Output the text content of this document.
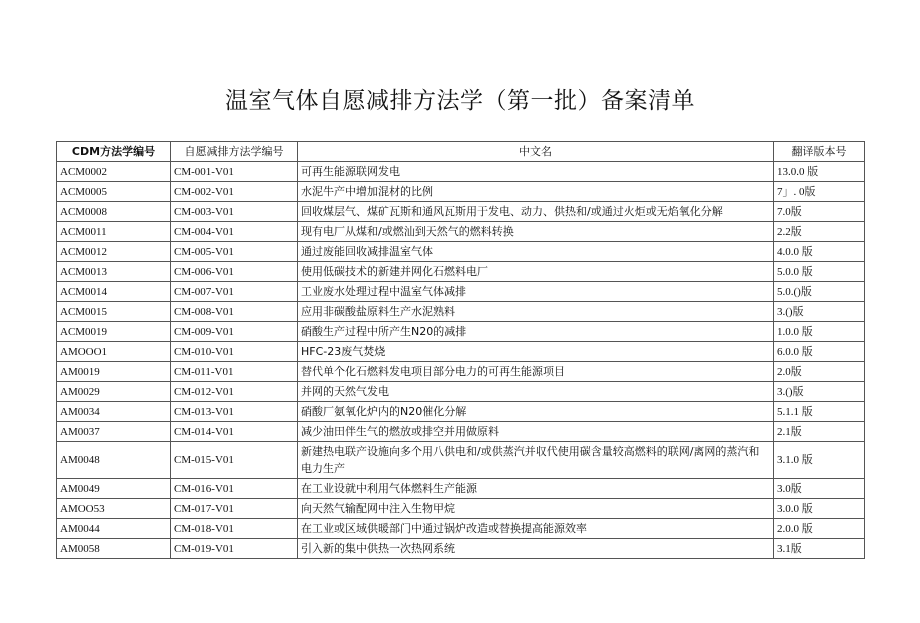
温室气体自愿减排方法学（第一批）备案清单
CDM方法学编号	自愿减排方法学编号	中文名	翻译版本号
ACM0002	CM-001-V01	可再生能源联网发电	13.0.0 版
ACM0005	CM-002-V01	水泥牛产中增加混材的比例	7」. 0版
ACM0008	CM-003-V01	回收煤层气、煤矿瓦斯和通风瓦斯用于发电、动力、供热和/或通过火炬或无焰氧化分解	7.0版
ACM0011	CM-004-V01	现有电厂从煤和/或燃汕到天然气的燃料转换	2.2版
ACM0012	CM-005-V01	通过废能回收减排温室气体	4.0.0 版
ACM0013	CM-006-V01	使用低碳技术的新建并网化石燃料电厂	5.0.0 版
ACM0014	CM-007-V01	工业废水处理过程中温室气体减排	5.0.()版
ACM0015	CM-008-V01	应用非碳酸盐原料生产水泥熟料	3.()版
ACM0019	CM-009-V01	硝酸生产过程中所产生N20的减排	1.0.0 版
AMOOO1	CM-010-V01	HFC-23废气焚烧	6.0.0 版
AM0019	CM-011-V01	替代单个化石燃料发电项目部分电力的可再生能源项目	2.0版
AM0029	CM-012-V01	并网的天然气发电	3.()版
AM0034	CM-013-V01	硝酸厂氨氧化炉内的N20催化分解	5.1.1 版
AM0037	CM-014-V01	减少油田伴生气的燃放或排空并用做原料	2.1版
AM0048	CM-015-V01	新建热电联产设施向多个用八供电和/或供蒸汽并収代使用碳含量较高燃料的联网/离网的蒸汽和电力生产	3.1.0 版
AM0049	CM-016-V01	在工业设就中利用气体燃料生产能源	3.0版
AMOO53	CM-017-V01	向天然气输配网中注入生物甲烷	3.0.0 版
AM0044	CM-018-V01	在工业或区域供暖部门中通过锅炉改造或替换提高能源效率	2.0.0 版
AM0058	CM-019-V01	引入新的集中供热一次热网系统	3.1版
